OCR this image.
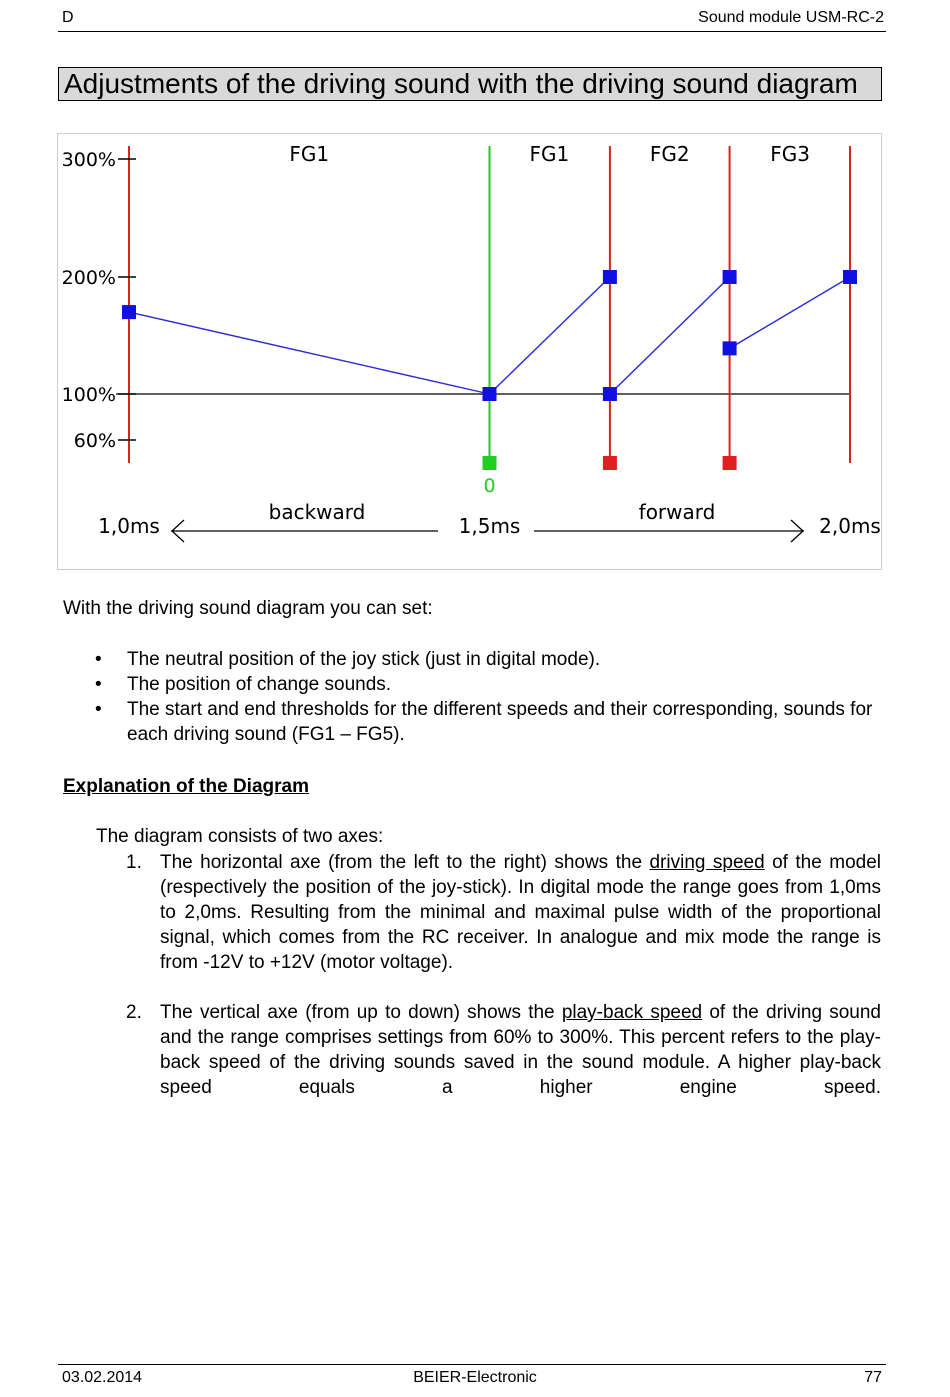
D	Sound module USM-RC-2
Adjustments of the driving sound with the driving sound diagram
300%
200%
100%
60%
FG1	FG1	FG2	FG3
0
backward	forward
1,0ms	1,5ms	2,0ms
With the driving sound diagram you can set:
• The neutral position of the joy stick (just in digital mode).
• The position of change sounds.
• The start and end thresholds for the different speeds and their corresponding, sounds for each driving sound (FG1 – FG5).
Explanation of the Diagram
The diagram consists of two axes:
1. The horizontal axe (from the left to the right) shows the driving speed of the model (respectively the position of the joy-stick). In digital mode the range goes from 1,0ms to 2,0ms. Resulting from the minimal and maximal pulse width of the proportional signal, which comes from the RC receiver. In analogue and mix mode the range is from -12V to +12V (motor voltage).
2. The vertical axe (from up to down) shows the play-back speed of the driving sound and the range comprises settings from 60% to 300%. This percent refers to the play-back speed of the driving sounds saved in the sound module. A higher play-back speed equals a higher engine speed.
03.02.2014	BEIER-Electronic	77
